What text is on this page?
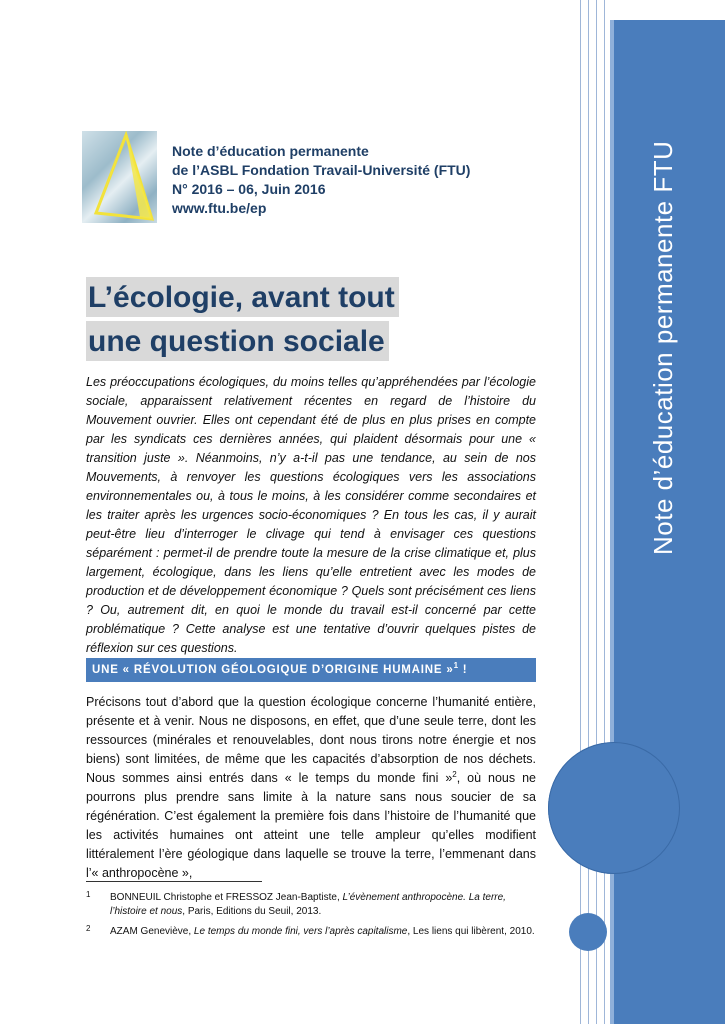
Note d’éducation permanente FTU
Note d’éducation permanente
de l’ASBL Fondation Travail-Université (FTU)
N° 2016 – 06, Juin 2016
www.ftu.be/ep
L’écologie, avant tout
une question sociale
Les préoccupations écologiques, du moins telles qu’appréhendées par l’écologie sociale, apparaissent relativement récentes en regard de l’histoire du Mouvement ouvrier. Elles ont cependant été de plus en plus prises en compte par les syndicats ces dernières années, qui plaident désormais pour une « transition juste ». Néanmoins, n’y a-t-il pas une tendance, au sein de nos Mouvements, à renvoyer les questions écologiques vers les associations environnementales ou, à tous le moins, à les considérer comme secondaires et les traiter après les urgences socio-économiques ? En tous les cas, il y aurait peut-être lieu d’interroger le clivage qui tend à envisager ces questions séparément : permet-il de prendre toute la mesure de la crise climatique et, plus largement, écologique, dans les liens qu’elle entretient avec les modes de production et de développement économique ? Quels sont précisément ces liens ? Ou, autrement dit, en quoi le monde du travail est-il concerné par cette problématique ? Cette analyse est une tentative d’ouvrir quelques pistes de réflexion sur ces questions.
UNE « RÉVOLUTION GÉOLOGIQUE D’ORIGINE HUMAINE »$^1$ !
Précisons tout d’abord que la question écologique concerne l’humanité entière, présente et à venir. Nous ne disposons, en effet, que d’une seule terre, dont les ressources (minérales et renouvelables, dont nous tirons notre énergie et nos biens) sont limitées, de même que les capacités d’absorption de nos déchets. Nous sommes ainsi entrés dans « le temps du monde fini »$^2$, où nous ne pourrons plus prendre sans limite à la nature sans nous soucier de sa régénération. C’est également la première fois dans l’histoire de l’humanité que les activités humaines ont atteint une telle ampleur qu’elles modifient littéralement l’ère géologique dans laquelle se trouve la terre, l’emmenant dans l’« anthropocène »,
1 BONNEUIL Christophe et FRESSOZ Jean-Baptiste, L’évènement anthropocène. La terre, l’histoire et nous, Paris, Editions du Seuil, 2013.
2 AZAM Geneviève, Le temps du monde fini, vers l’après capitalisme, Les liens qui libèrent, 2010.
